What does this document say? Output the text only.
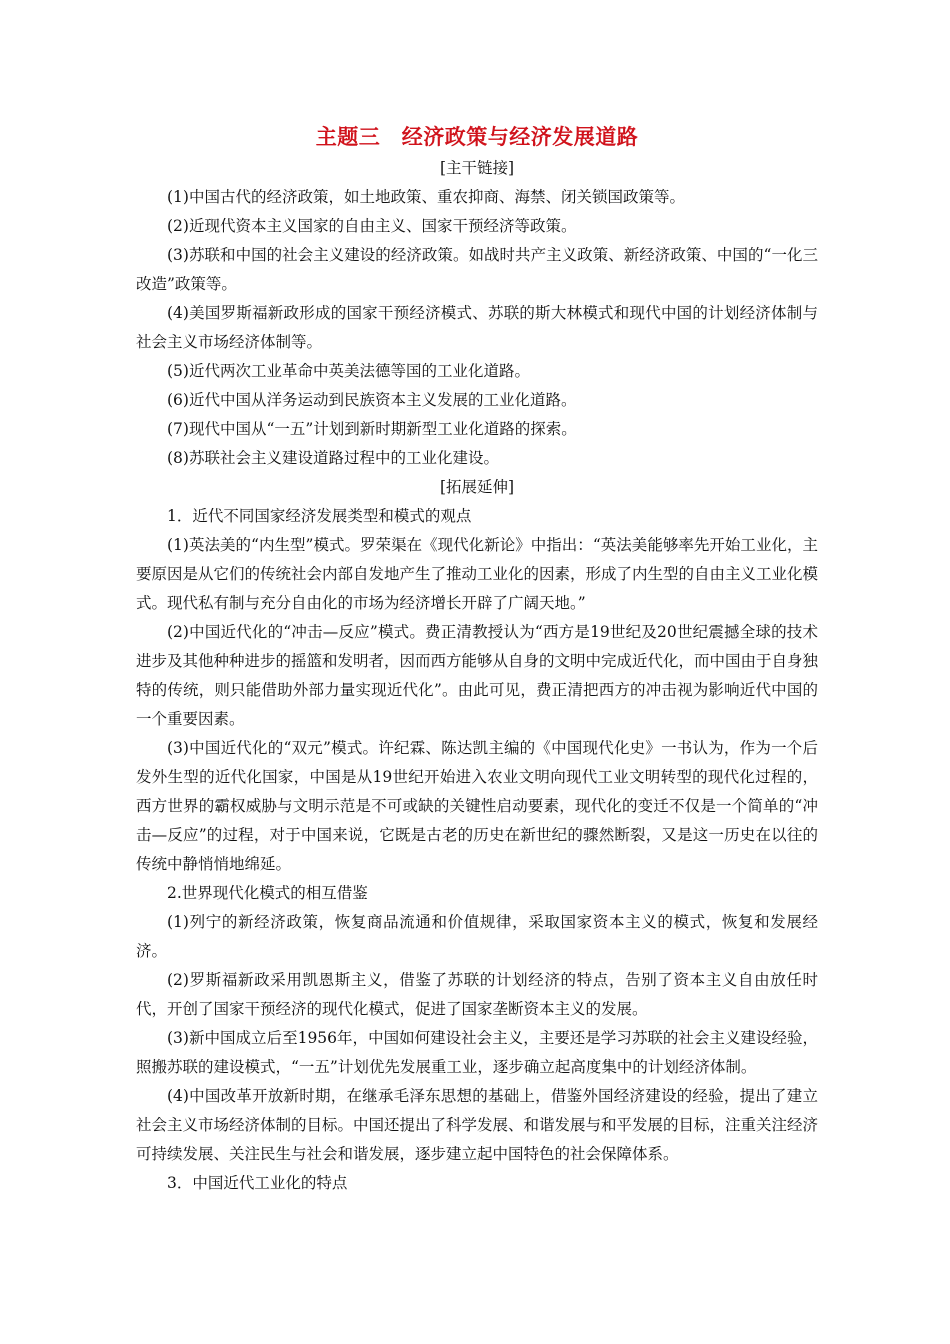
主题三　经济政策与经济发展道路

[主干链接]

(1)中国古代的经济政策，如土地政策、重农抑商、海禁、闭关锁国政策等。

(2)近现代资本主义国家的自由主义、国家干预经济等政策。

(3)苏联和中国的社会主义建设的经济政策。如战时共产主义政策、新经济政策、中国的“一化三改造”政策等。

(4)美国罗斯福新政形成的国家干预经济模式、苏联的斯大林模式和现代中国的计划经济体制与社会主义市场经济体制等。

(5)近代两次工业革命中英美法德等国的工业化道路。

(6)近代中国从洋务运动到民族资本主义发展的工业化道路。

(7)现代中国从“一五”计划到新时期新型工业化道路的探索。

(8)苏联社会主义建设道路过程中的工业化建设。

[拓展延伸]

1．近代不同国家经济发展类型和模式的观点

(1)英法美的“内生型”模式。罗荣渠在《现代化新论》中指出：“英法美能够率先开始工业化，主要原因是从它们的传统社会内部自发地产生了推动工业化的因素，形成了内生型的自由主义工业化模式。现代私有制与充分自由化的市场为经济增长开辟了广阔天地。”

(2)中国近代化的“冲击—反应”模式。费正清教授认为“西方是19世纪及20世纪震撼全球的技术进步及其他种种进步的摇篮和发明者，因而西方能够从自身的文明中完成近代化，而中国由于自身独特的传统，则只能借助外部力量实现近代化”。由此可见，费正清把西方的冲击视为影响近代中国的一个重要因素。

(3)中国近代化的“双元”模式。许纪霖、陈达凯主编的《中国现代化史》一书认为，作为一个后发外生型的近代化国家，中国是从19世纪开始进入农业文明向现代工业文明转型的现代化过程的，西方世界的霸权威胁与文明示范是不可或缺的关键性启动要素，现代化的变迁不仅是一个简单的“冲击—反应”的过程，对于中国来说，它既是古老的历史在新世纪的骤然断裂，又是这一历史在以往的传统中静悄悄地绵延。

2.世界现代化模式的相互借鉴

(1)列宁的新经济政策，恢复商品流通和价值规律，采取国家资本主义的模式，恢复和发展经济。

(2)罗斯福新政采用凯恩斯主义，借鉴了苏联的计划经济的特点，告别了资本主义自由放任时代，开创了国家干预经济的现代化模式，促进了国家垄断资本主义的发展。

(3)新中国成立后至1956年，中国如何建设社会主义，主要还是学习苏联的社会主义建设经验，照搬苏联的建设模式，“一五”计划优先发展重工业，逐步确立起高度集中的计划经济体制。

(4)中国改革开放新时期，在继承毛泽东思想的基础上，借鉴外国经济建设的经验，提出了建立社会主义市场经济体制的目标。中国还提出了科学发展、和谐发展与和平发展的目标，注重关注经济可持续发展、关注民生与社会和谐发展，逐步建立起中国特色的社会保障体系。

3．中国近代工业化的特点
